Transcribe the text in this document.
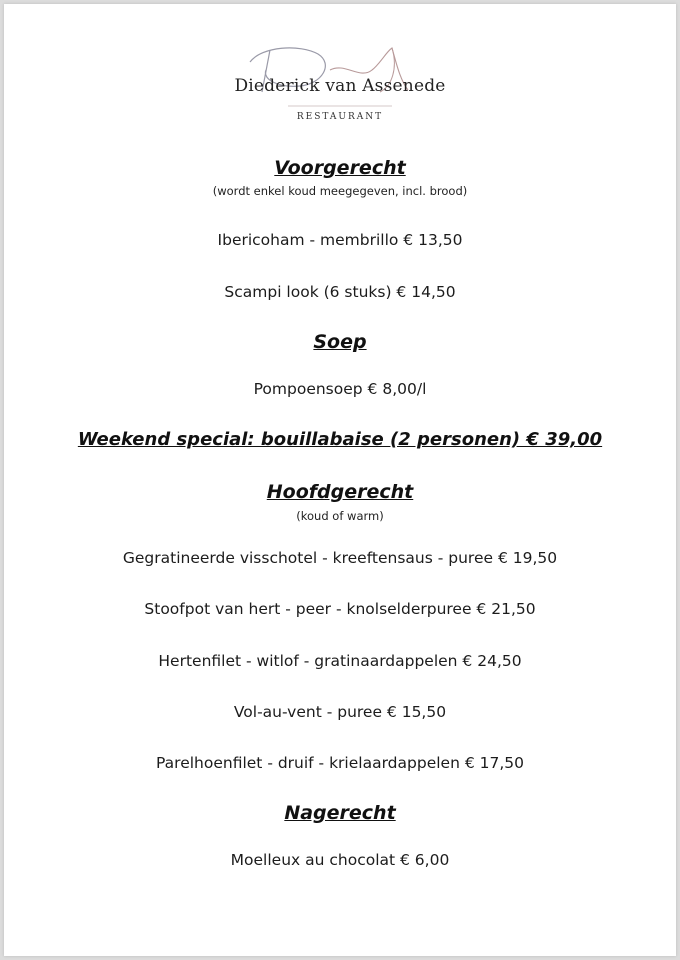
Diederick van Assenede
RESTAURANT
Voorgerecht
(wordt enkel koud meegegeven, incl. brood)
Ibericoham - membrillo € 13,50
Scampi look (6 stuks) € 14,50
Soep
Pompoensoep € 8,00/l
Weekend special: bouillabaise (2 personen) € 39,00
Hoofdgerecht
(koud of warm)
Gegratineerde visschotel - kreeftensaus - puree € 19,50
Stoofpot van hert - peer - knolselderpuree € 21,50
Hertenfilet - witlof - gratinaardappelen € 24,50
Vol-au-vent - puree € 15,50
Parelhoenfilet - druif - krielaardappelen € 17,50
Nagerecht
Moelleux au chocolat € 6,00
